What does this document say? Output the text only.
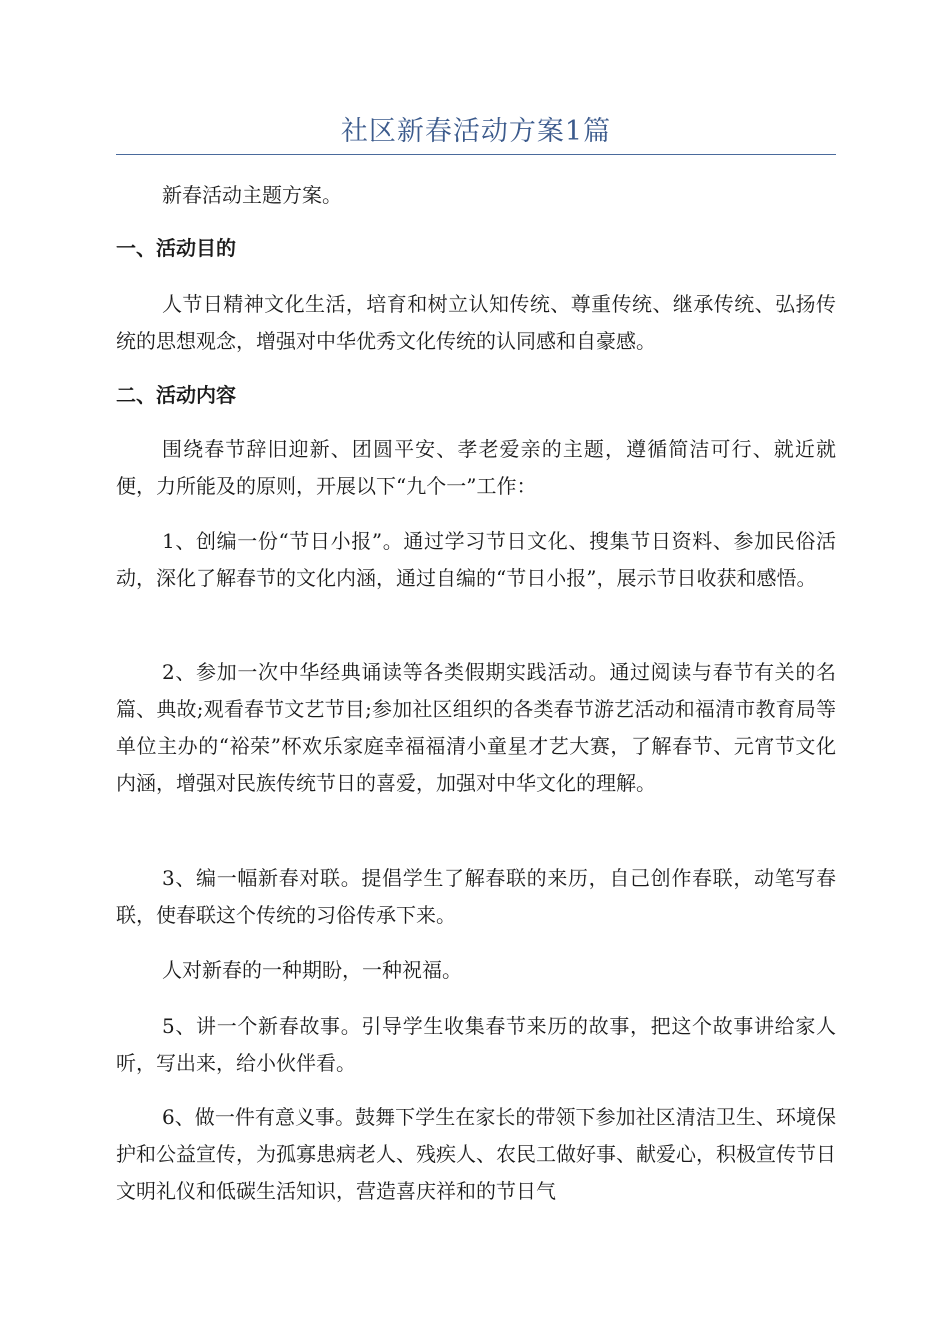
社区新春活动方案1篇

新春活动主题方案。

一、活动目的

人节日精神文化生活，培育和树立认知传统、尊重传统、继承传统、弘扬传统的思想观念，增强对中华优秀文化传统的认同感和自豪感。

二、活动内容

围绕春节辞旧迎新、团圆平安、孝老爱亲的主题，遵循简洁可行、就近就便，力所能及的原则，开展以下“九个一”工作：

1、创编一份“节日小报”。通过学习节日文化、搜集节日资料、参加民俗活动，深化了解春节的文化内涵，通过自编的“节日小报”，展示节日收获和感悟。

2、参加一次中华经典诵读等各类假期实践活动。通过阅读与春节有关的名篇、典故;观看春节文艺节目;参加社区组织的各类春节游艺活动和福清市教育局等单位主办的“裕荣”杯欢乐家庭幸福福清小童星才艺大赛，了解春节、元宵节文化内涵，增强对民族传统节日的喜爱，加强对中华文化的理解。

3、编一幅新春对联。提倡学生了解春联的来历，自己创作春联，动笔写春联，使春联这个传统的习俗传承下来。

人对新春的一种期盼，一种祝福。

5、讲一个新春故事。引导学生收集春节来历的故事，把这个故事讲给家人听，写出来，给小伙伴看。

6、做一件有意义事。鼓舞下学生在家长的带领下参加社区清洁卫生、环境保护和公益宣传，为孤寡患病老人、残疾人、农民工做好事、献爱心，积极宣传节日文明礼仪和低碳生活知识，营造喜庆祥和的节日气
